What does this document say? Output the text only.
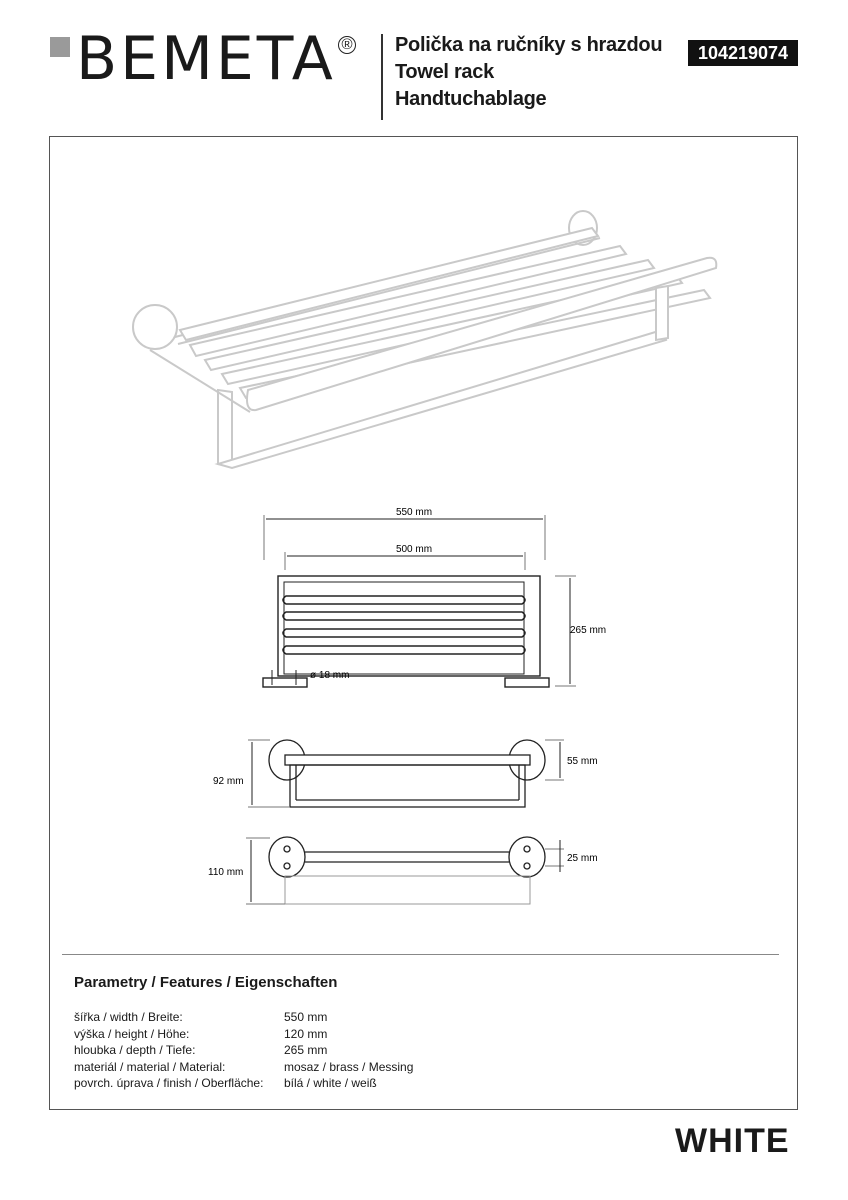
BEMETA ® Polička na ručníky s hrazdou
Towel rack
Handtuchablage
104219074
550 mm
500 mm
265 mm
ø 18 mm
92 mm
55 mm
110 mm
25 mm
Parametry / Features / Eigenschaften
šířka / width / Breite:	550 mm
výška / height / Höhe:	120 mm
hloubka / depth / Tiefe:	265 mm
materiál / material / Material:	mosaz / brass / Messing
povrch. úprava / finish / Oberfläche:	bílá / white / weiß
WHITE
